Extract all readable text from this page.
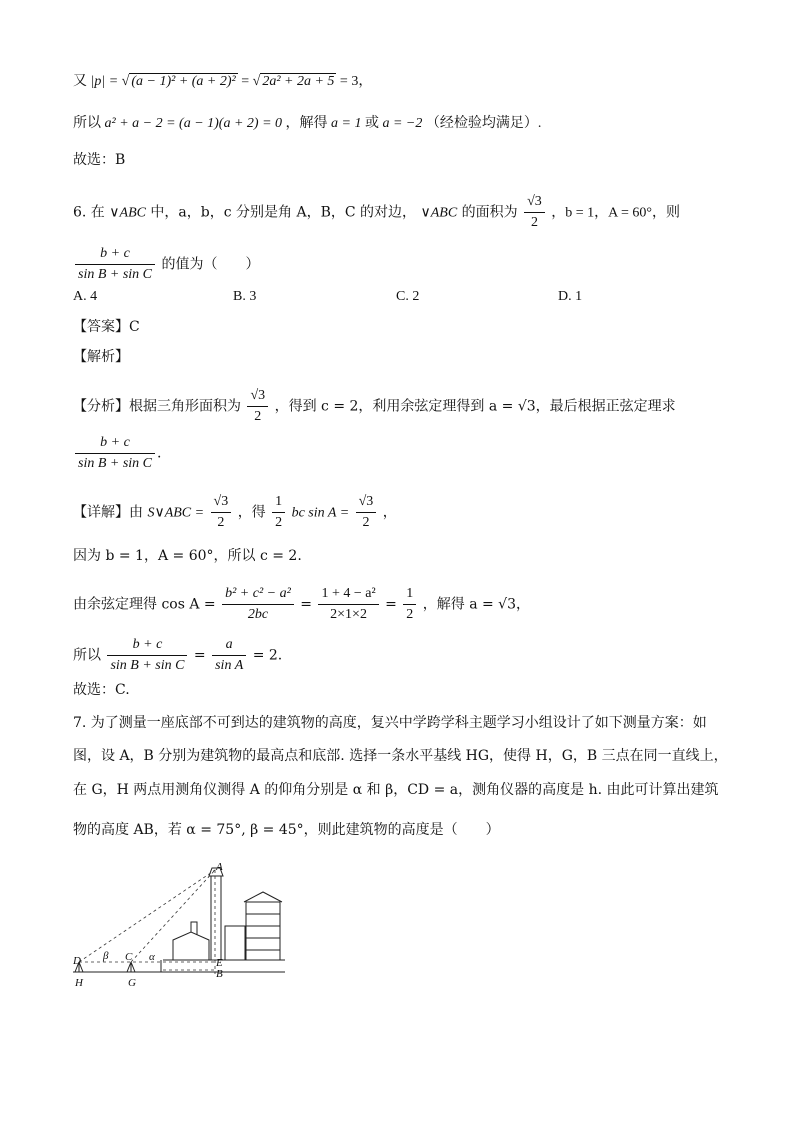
又 |p| = √ (a − 1)² + (a + 2)² = √ 2a² + 2a + 5 = 3，
所以 a² + a − 2 = (a − 1)(a + 2) = 0 ，解得 a = 1 或 a = −2 （经检验均满足）.
故选：B
6. 在 ∨ABC 中，a，b，c 分别是角 A，B，C 的对边， ∨ABC 的面积为 $\frac{√3}{2}$ ，b = 1，A = 60°，则
$\frac{b + c}{\text{sin B + sin C}}$ 的值为（　　）
A. 4	B. 3	C. 2	D. 1
【答案】C
【解析】
【分析】根据三角形面积为 $\frac{√3}{2}$ ，得到 c = 2，利用余弦定理得到 a = √3，最后根据正弦定理求
$\frac{b + c}{\text{sin B + sin C}}$ .
【详解】由 S∨ABC = $\frac{√3}{2}$ ，得 $\frac{1}{2}$ bc $\sin A = \frac{√3}{2}$ ，
因为 b = 1，A = 60°，所以 c = 2.
由余弦定理得 $\cos A = \frac{\text{b² + c² − a²}}{2bc} = \frac{\text{1 + 4 − a²}}{2\times 1\times 2} = \frac{1}{2}$ ，解得 a = √3，
所以 $\frac{b + c}{\text{sin B + sin C}} = \frac{a}{\text{sin A}} = 2$.
故选：C.
7. 为了测量一座底部不可到达的建筑物的高度，复兴中学跨学科主题学习小组设计了如下测量方案：如
图，设 A，B 分别为建筑物的最高点和底部. 选择一条水平基线 HG，使得 H，G，B 三点在同一直线上，
在 G，H 两点用测角仪测得 A 的仰角分别是 α 和 β，CD = a，测角仪器的高度是 h. 由此可计算出建筑
物的高度 AB，若 α = 75°, β = 45°，则此建筑物的高度是（　　）
A
D β C α	E
B
H	G
